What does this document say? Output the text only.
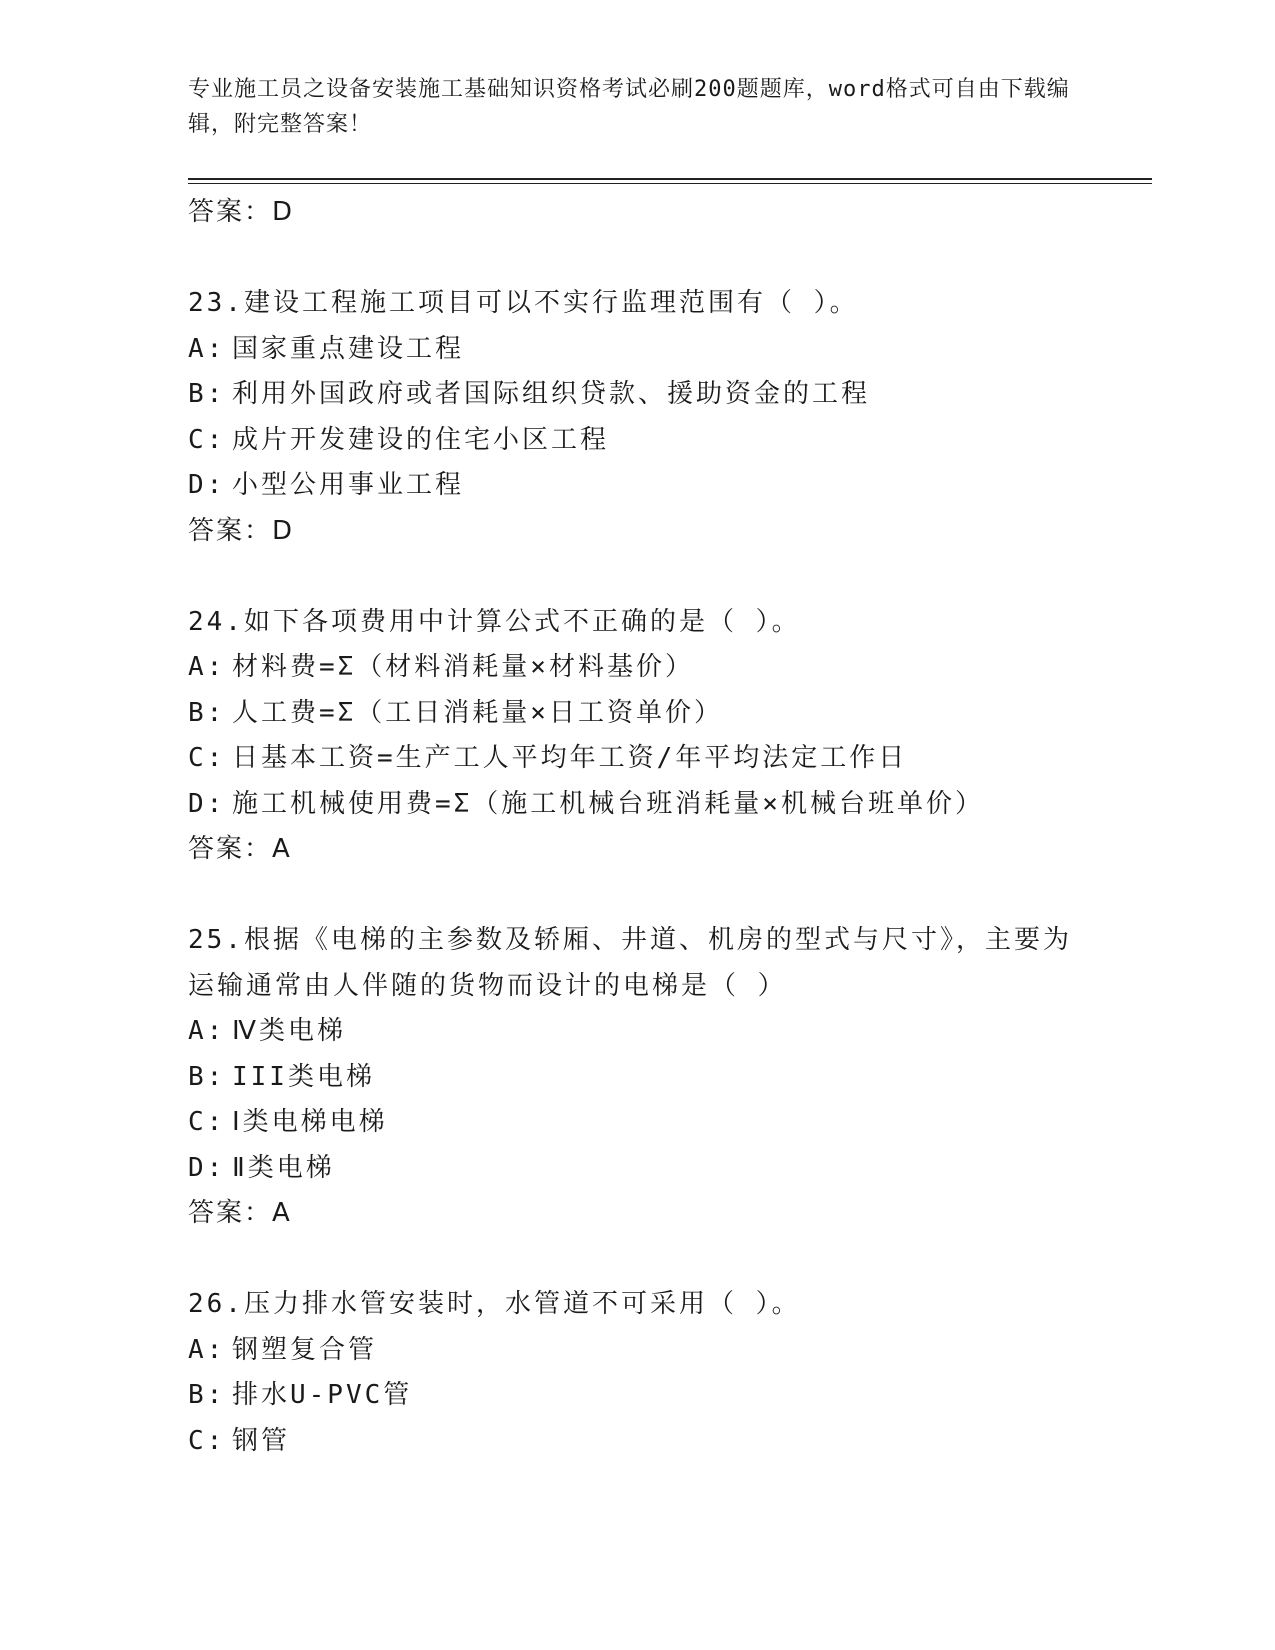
专业施工员之设备安装施工基础知识资格考试必刷200题题库，word格式可自由下载编辑，附完整答案！
答案：D
23.建设工程施工项目可以不实行监理范围有（ ）。
A: 国家重点建设工程
B: 利用外国政府或者国际组织贷款、援助资金的工程
C: 成片开发建设的住宅小区工程
D: 小型公用事业工程
答案：D
24.如下各项费用中计算公式不正确的是（ ）。
A: 材料费=Σ（材料消耗量×材料基价）
B: 人工费=Σ（工日消耗量×日工资单价）
C: 日基本工资=生产工人平均年工资/年平均法定工作日
D: 施工机械使用费=Σ（施工机械台班消耗量×机械台班单价）
答案：A
25.根据《电梯的主参数及轿厢、井道、机房的型式与尺寸》，主要为运输通常由人伴随的货物而设计的电梯是（ ）
A: Ⅳ类电梯
B: III类电梯
C: Ⅰ类电梯电梯
D: Ⅱ类电梯
答案：A
26.压力排水管安装时，水管道不可采用（ ）。
A: 钢塑复合管
B: 排水U-PVC管
C: 钢管
